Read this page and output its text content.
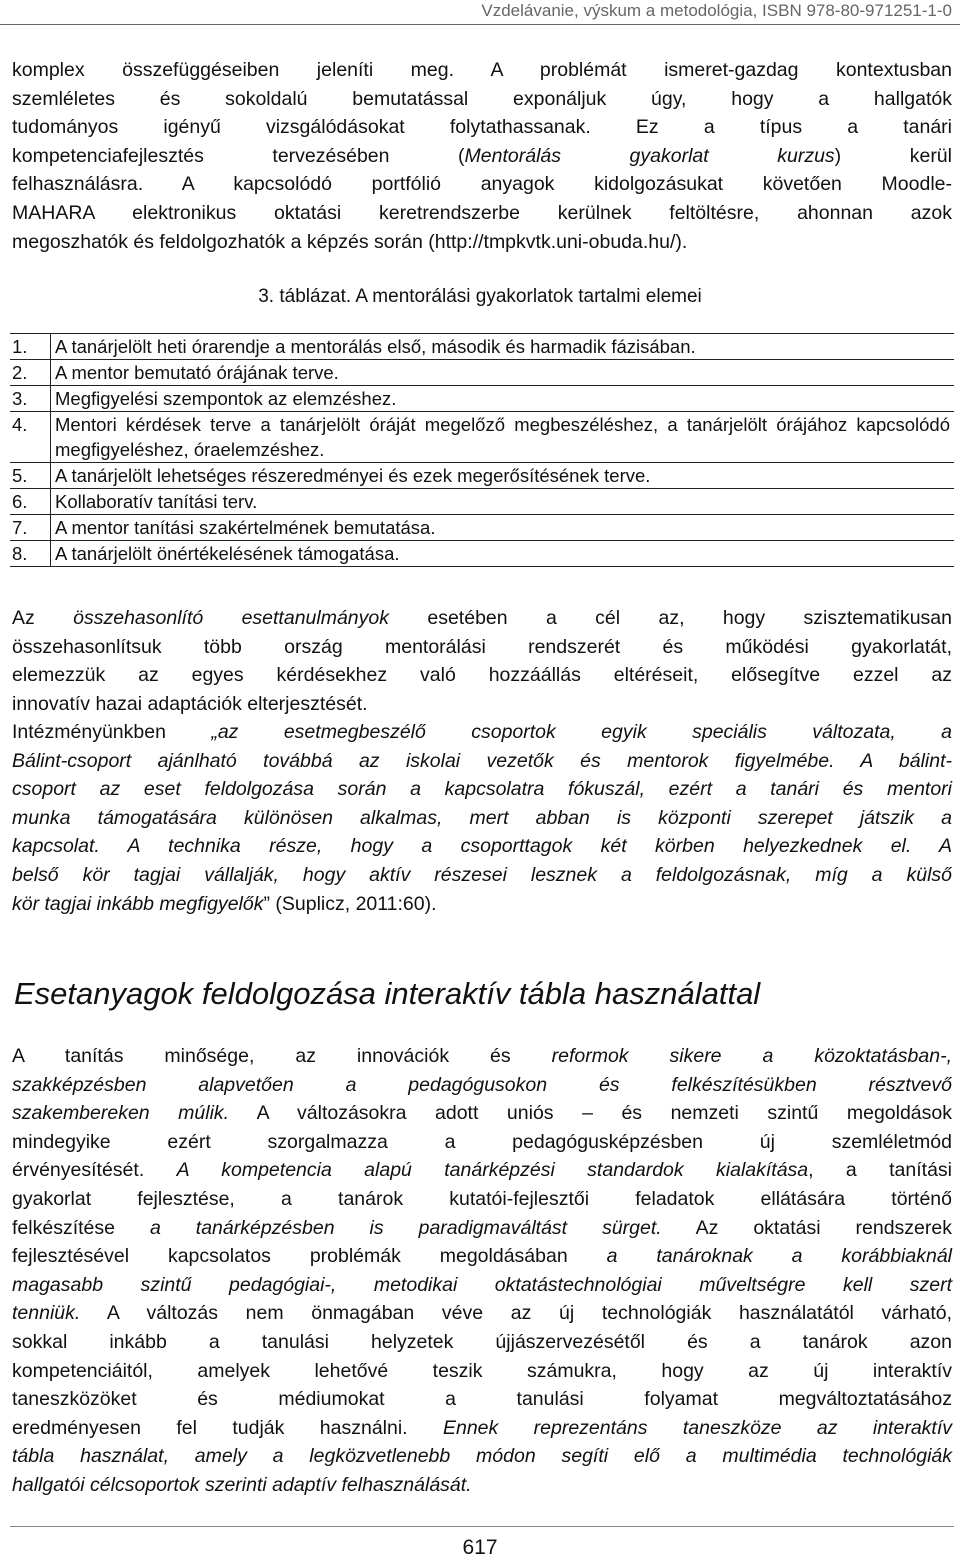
Vzdelávanie, výskum a metodológia, ISBN 978-80-971251-1-0
komplex összefüggéseiben jeleníti meg. A problémát ismeret-gazdag kontextusban
szemléletes és sokoldalú bemutatással exponáljuk úgy, hogy a hallgatók
tudományos igényű vizsgálódásokat folytathassanak. Ez a típus a tanári
kompetenciafejlesztés tervezésében (Mentorálás gyakorlat kurzus) kerül
felhasználásra. A kapcsolódó portfólió anyagok kidolgozásukat követően Moodle-
MAHARA elektronikus oktatási keretrendszerbe kerülnek feltöltésre, ahonnan azok
megoszhatók és feldolgozhatók a képzés során (http://tmpkvtk.uni-obuda.hu/).
3. táblázat. A mentorálási gyakorlatok tartalmi elemei
1.	A tanárjelölt heti órarendje a mentorálás első, második és harmadik fázisában.
2.	A mentor bemutató órájának terve.
3.	Megfigyelési szempontok az elemzéshez.
4.	Mentori kérdések terve a tanárjelölt óráját megelőző megbeszéléshez, a tanárjelölt órájához kapcsolódó megfigyeléshez, óraelemzéshez.
5.	A tanárjelölt lehetséges részeredményei és ezek megerősítésének terve.
6.	Kollaboratív tanítási terv.
7.	A mentor tanítási szakértelmének bemutatása.
8.	A tanárjelölt önértékelésének támogatása.
Az összehasonlító esettanulmányok esetében a cél az, hogy szisztematikusan
összehasonlítsuk több ország mentorálási rendszerét és működési gyakorlatát,
elemezzük az egyes kérdésekhez való hozzáállás eltéréseit, elősegítve ezzel az
innovatív hazai adaptációk elterjesztését.
Intézményünkben „az esetmegbeszélő csoportok egyik speciális változata, a
Bálint-csoport ajánlható továbbá az iskolai vezetők és mentorok figyelmébe. A bálint-
csoport az eset feldolgozása során a kapcsolatra fókuszál, ezért a tanári és mentori
munka támogatására különösen alkalmas, mert abban is központi szerepet játszik a
kapcsolat. A technika része, hogy a csoporttagok két körben helyezkednek el. A
belső kör tagjai vállalják, hogy aktív részesei lesznek a feldolgozásnak, míg a külső
kör tagjai inkább megfigyelők” (Suplicz, 2011:60).
Esetanyagok feldolgozása interaktív tábla használattal
A tanítás minősége, az innovációk és reformok sikere a közoktatásban-,
szakképzésben alapvetően a pedagógusokon és felkészítésükben résztvevő
szakembereken múlik. A változásokra adott uniós – és nemzeti szintű megoldások
mindegyike ezért szorgalmazza a pedagógusképzésben új szemléletmód
érvényesítését. A kompetencia alapú tanárképzési standardok kialakítása, a tanítási
gyakorlat fejlesztése, a tanárok kutatói-fejlesztői feladatok ellátására történő
felkészítése a tanárképzésben is paradigmaváltást sürget. Az oktatási rendszerek
fejlesztésével kapcsolatos problémák megoldásában a tanároknak a korábbiaknál
magasabb szintű pedagógiai-, metodikai oktatástechnológiai műveltségre kell szert
tenniük. A változás nem önmagában véve az új technológiák használatától várható,
sokkal inkább a tanulási helyzetek újjászervezésétől és a tanárok azon
kompetenciáitól, amelyek lehetővé teszik számukra, hogy az új interaktív
taneszközöket és médiumokat a tanulási folyamat megváltoztatásához
eredményesen fel tudják használni. Ennek reprezentáns taneszköze az interaktív
tábla használat, amely a legközvetlenebb módon segíti elő a multimédia technológiák
hallgatói célcsoportok szerinti adaptív felhasználását.
617
